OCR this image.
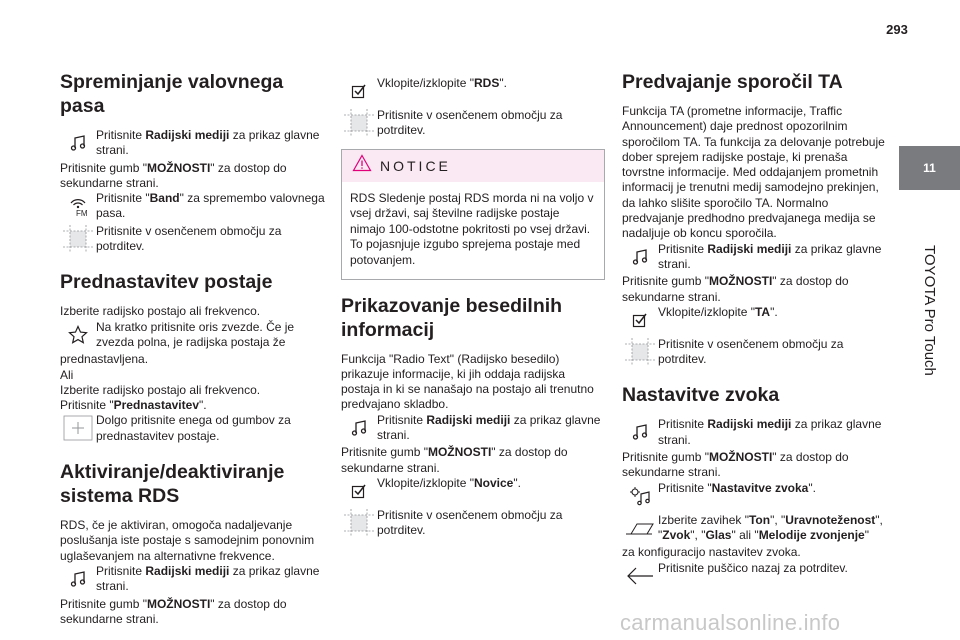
293
11
TOYOTA Pro Touch
Spreminjanje valovnega pasa

Pritisnite Radijski mediji za prikaz glavne strani.

Pritisnite gumb "MOŽNOSTI" za dostop do sekundarne strani.

FM

Pritisnite "Band" za spremembo valovnega pasa.

Pritisnite v osenčenem območju za potrditev.

Prednastavitev postaje

Izberite radijsko postajo ali frekvenco.

Na kratko pritisnite oris zvezde. Če je zvezda polna, je radijska postaja že

prednastavljena.

Ali

Izberite radijsko postajo ali frekvenco.

Pritisnite "Prednastavitev".

Dolgo pritisnite enega od gumbov za prednastavitev postaje.

Aktiviranje/deaktiviranje sistema RDS

RDS, če je aktiviran, omogoča nadaljevanje poslušanja iste postaje s samodejnim ponovnim uglaševanjem na alternativne frekvence.

Pritisnite Radijski mediji za prikaz glavne strani.

Pritisnite gumb "MOŽNOSTI" za dostop do sekundarne strani.

Vklopite/izklopite "RDS".

Pritisnite v osenčenem območju za potrditev.

NOTICE
RDS Sledenje postaj RDS morda ni na voljo v vsej državi, saj številne radijske postaje nimajo 100-odstotne pokritosti po vsej državi. To pojasnjuje izgubo sprejema postaje med potovanjem.
Prikazovanje besedilnih informacij

Funkcija "Radio Text" (Radijsko besedilo) prikazuje informacije, ki jih oddaja radijska postaja in ki se nanašajo na postajo ali trenutno predvajano skladbo.

Pritisnite Radijski mediji za prikaz glavne strani.

Pritisnite gumb "MOŽNOSTI" za dostop do sekundarne strani.

Vklopite/izklopite "Novice".

Pritisnite v osenčenem območju za potrditev.

Predvajanje sporočil TA

Funkcija TA (prometne informacije, Traffic Announcement) daje prednost opozorilnim sporočilom TA. Ta funkcija za delovanje potrebuje dober sprejem radijske postaje, ki prenaša tovrstne informacije. Med oddajanjem prometnih informacij je trenutni medij samodejno prekinjen, da lahko slišite sporočilo TA. Normalno predvajanje predhodno predvajanega medija se nadaljuje ob koncu sporočila.

Pritisnite Radijski mediji za prikaz glavne strani.

Pritisnite gumb "MOŽNOSTI" za dostop do sekundarne strani.

Vklopite/izklopite "TA".

Pritisnite v osenčenem območju za potrditev.

Nastavitve zvoka

Pritisnite Radijski mediji za prikaz glavne strani.

Pritisnite gumb "MOŽNOSTI" za dostop do sekundarne strani.

Pritisnite "Nastavitve zvoka".

Izberite zavihek "Ton", "Uravnoteženost", "Zvok", "Glas" ali "Melodije zvonjenje"

za konfiguracijo nastavitev zvoka.

Pritisnite puščico nazaj za potrditev.

carmanualsonline.info
